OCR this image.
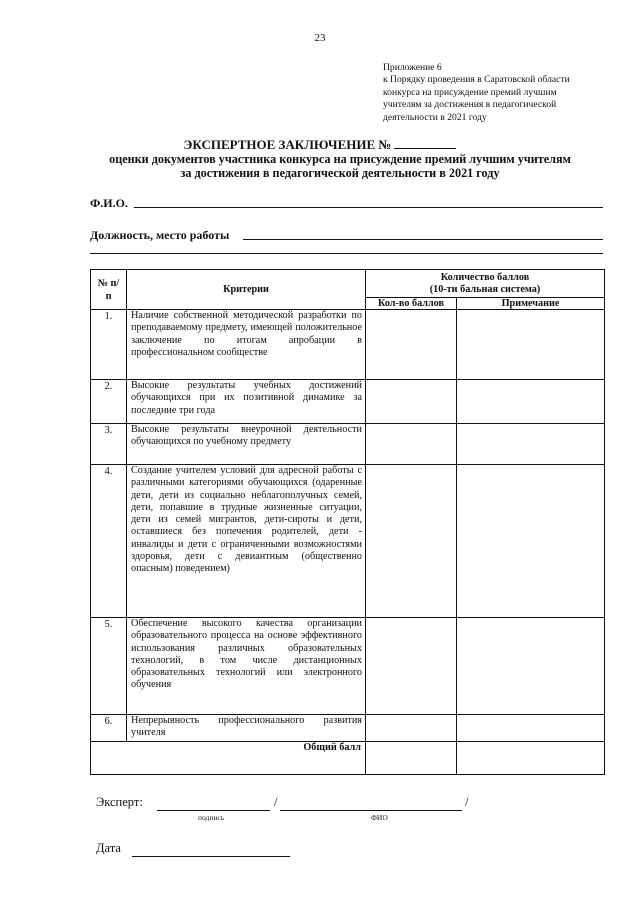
23
Приложение 6
к Порядку проведения в Саратовской области
конкурса на присуждение премий лучшим
учителям за достижения в педагогической
деятельности в 2021 году
ЭКСПЕРТНОЕ ЗАКЛЮЧЕНИЕ №
оценки документов участника конкурса на присуждение премий лучшим учителям
за достижения в педагогической деятельности в 2021 году
Ф.И.О.
Должность, место работы
№ п/п	Критерии	Количество баллов
(10-ти бальная система)	

		Кол-во баллов	Примечание
1.	Наличие собственной методической разработки по преподаваемому предмету, имеющей положительное заключение по итогам апробации в профессиональном сообществе		
2.	Высокие результаты учебных достижений обучающихся при их позитивной динамике за последние три года		
3.	Высокие результаты внеурочной деятельности обучающихся по учебному предмету		
4.	Создание учителем условий для адресной работы с различными категориями обучающихся (одаренные дети, дети из социально неблагополучных семей, дети, попавшие в трудные жизненные ситуации, дети из семей мигрантов, дети-сироты и дети, оставшиеся без попечения родителей, дети - инвалиды и дети с ограниченными возможностями здоровья, дети с девиантным (общественно опасным) поведением)		
5.	Обеспечение высокого качества организации образовательного процесса на основе эффективного использования различных образовательных технологий, в том числе дистанционных образовательных технологий или электронного обучения		
6.	Непрерывность профессионального развития учителя		
Общий балл			
Эксперт:	/	/
подпись	ФИО
Дата
